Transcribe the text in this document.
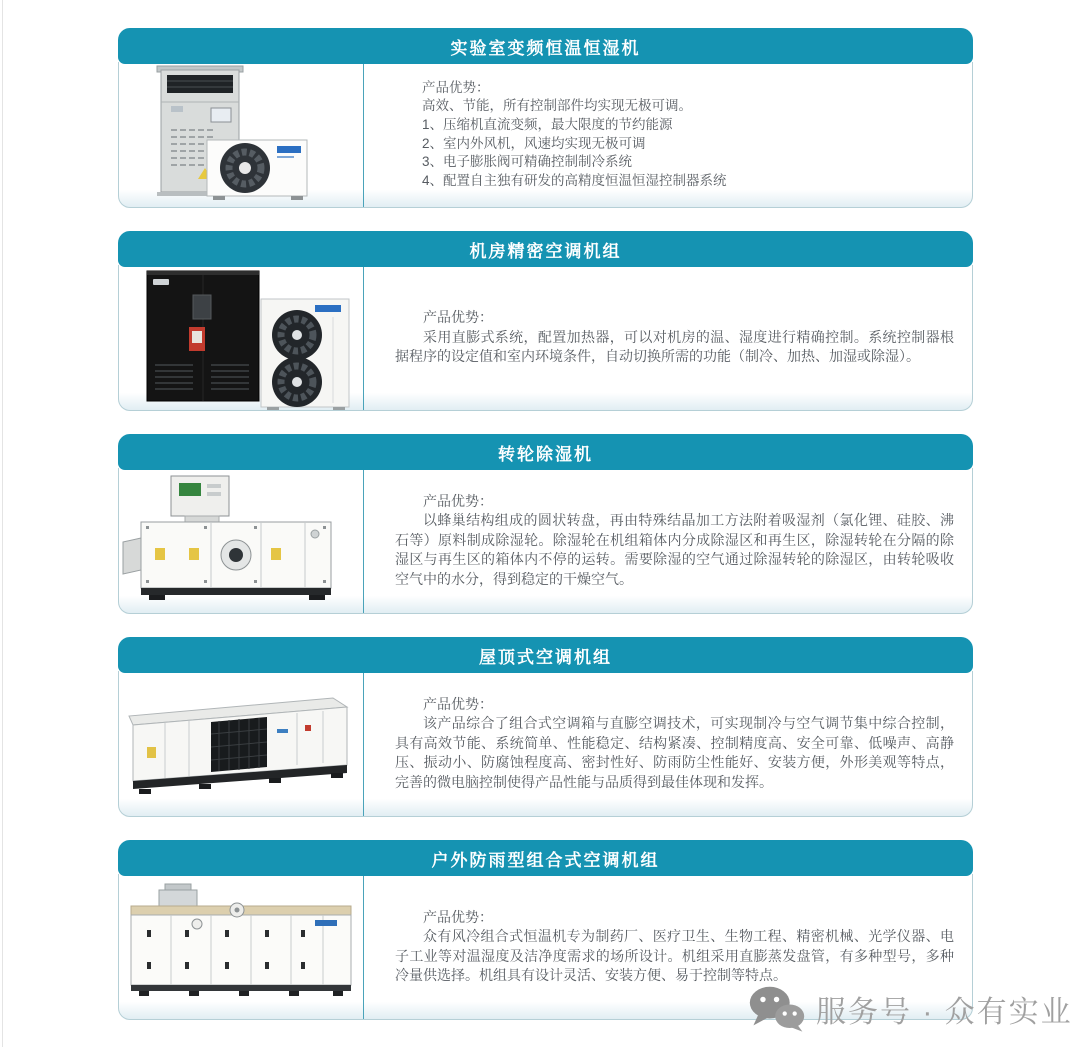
实验室变频恒温恒湿机

产品优势：

高效、节能，所有控制部件均实现无极可调。

1、压缩机直流变频，最大限度的节约能源

2、室内外风机，风速均实现无极可调

3、电子膨胀阀可精确控制制冷系统

4、配置自主独有研发的高精度恒温恒湿控制器系统

机房精密空调机组

产品优势：

采用直膨式系统，配置加热器，可以对机房的温、湿度进行精确控制。系统控制器根据程序的设定值和室内环境条件，自动切换所需的功能（制冷、加热、加湿或除湿）。

转轮除湿机

产品优势：

以蜂巢结构组成的圆状转盘，再由特殊结晶加工方法附着吸湿剂（氯化锂、硅胶、沸石等）原料制成除湿轮。除湿轮在机组箱体内分成除湿区和再生区，除湿转轮在分隔的除湿区与再生区的箱体内不停的运转。需要除湿的空气通过除湿转轮的除湿区，由转轮吸收空气中的水分，得到稳定的干燥空气。

屋顶式空调机组

产品优势：

该产品综合了组合式空调箱与直膨空调技术，可实现制冷与空气调节集中综合控制，具有高效节能、系统简单、性能稳定、结构紧凑、控制精度高、安全可靠、低噪声、高静压、振动小、防腐蚀程度高、密封性好、防雨防尘性能好、安装方便，外形美观等特点，完善的微电脑控制使得产品性能与品质得到最佳体现和发挥。

户外防雨型组合式空调机组

产品优势：

众有风冷组合式恒温机专为制药厂、医疗卫生、生物工程、精密机械、光学仪器、电子工业等对温湿度及洁净度需求的场所设计。机组采用直膨蒸发盘管，有多种型号，多种冷量供选择。机组具有设计灵活、安装方便、易于控制等特点。

服务号 · 众有实业
